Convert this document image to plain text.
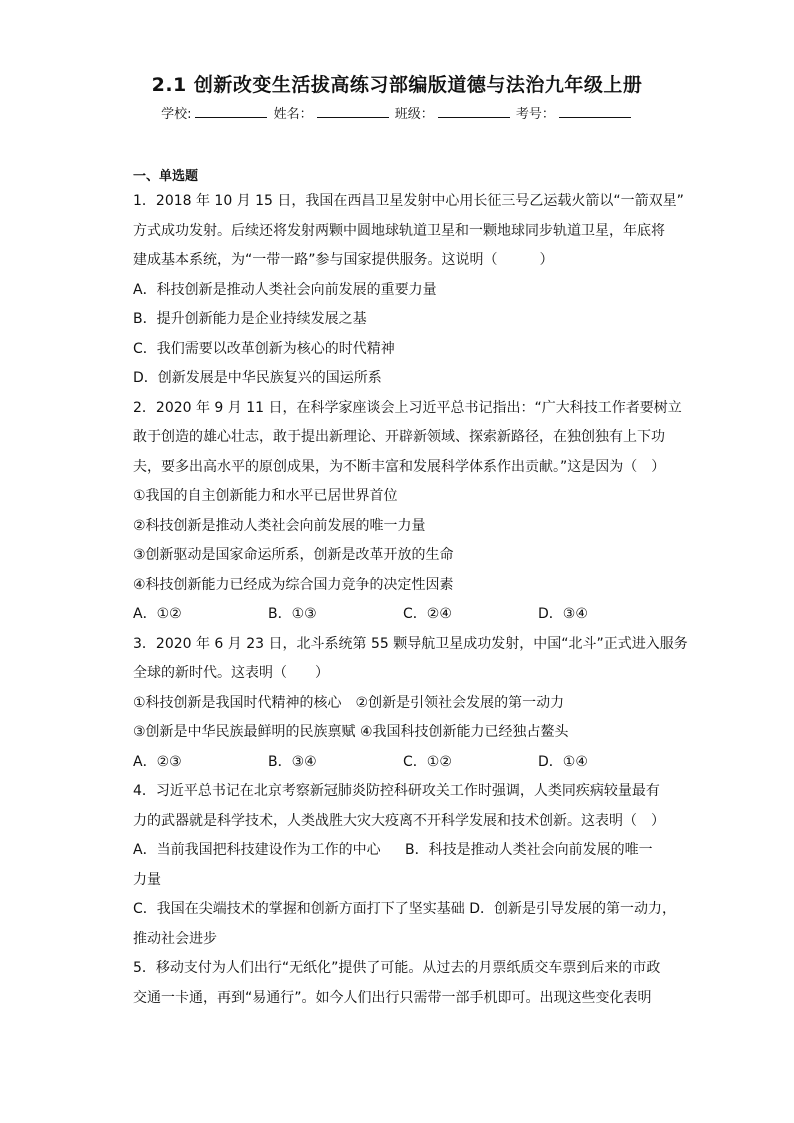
2.1 创新改变生活拔高练习部编版道德与法治九年级上册
学校:	姓名：	班级：	考号：
一、单选题
1．2018 年 10 月 15 日，我国在西昌卫星发射中心用长征三号乙运载火箭以“一箭双星”
方式成功发射。后续还将发射两颗中圆地球轨道卫星和一颗地球同步轨道卫星，年底将
建成基本系统，为“一带一路”参与国家提供服务。这说明（　　　）
A．科技创新是推动人类社会向前发展的重要力量
B．提升创新能力是企业持续发展之基
C．我们需要以改革创新为核心的时代精神
D．创新发展是中华民族复兴的国运所系
2．2020 年 9 月 11 日，在科学家座谈会上习近平总书记指出：“广大科技工作者要树立
敢于创造的雄心壮志，敢于提出新理论、开辟新领域、探索新路径，在独创独有上下功
夫，要多出高水平的原创成果，为不断丰富和发展科学体系作出贡献。”这是因为（　）
①我国的自主创新能力和水平已居世界首位
②科技创新是推动人类社会向前发展的唯一力量
③创新驱动是国家命运所系，创新是改革开放的生命
④科技创新能力已经成为综合国力竞争的决定性因素
A．①②	B．①③	C．②④	D．③④
3．2020 年 6 月 23 日，北斗系统第 55 颗导航卫星成功发射，中国“北斗”正式进入服务
全球的新时代。这表明（　　）
①科技创新是我国时代精神的核心　②创新是引领社会发展的第一动力
③创新是中华民族最鲜明的民族禀赋 ④我国科技创新能力已经独占鳌头
A．②③	B．③④	C．①②	D．①④
4．习近平总书记在北京考察新冠肺炎防控科研攻关工作时强调，人类同疾病较量最有
力的武器就是科学技术，人类战胜大灾大疫离不开科学发展和技术创新。这表明（　）
A．当前我国把科技建设作为工作的中心	B．科技是推动人类社会向前发展的唯一
力量
C．我国在尖端技术的掌握和创新方面打下了坚实基础 D．创新是引导发展的第一动力，
推动社会进步
5．移动支付为人们出行“无纸化”提供了可能。从过去的月票纸质交车票到后来的市政
交通一卡通，再到“易通行”。如今人们出行只需带一部手机即可。出现这些变化表明
